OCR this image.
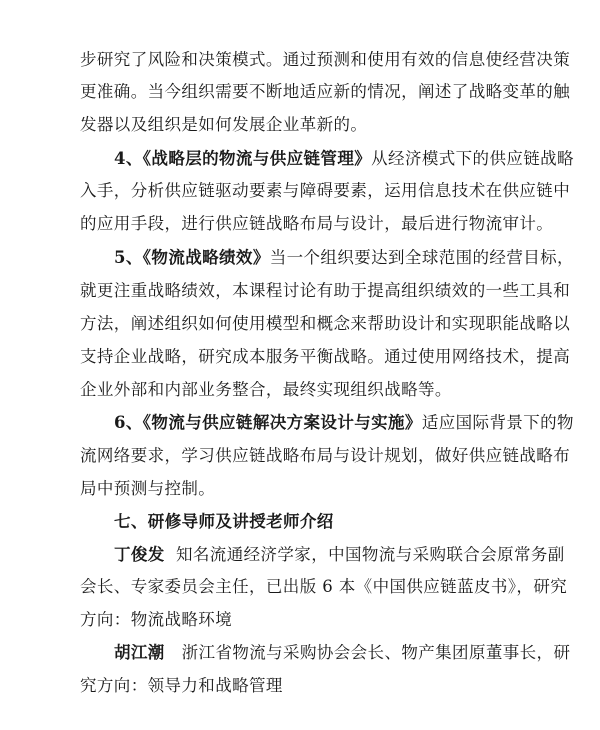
步研究了风险和决策模式。通过预测和使用有效的信息使经营决策
更准确。当今组织需要不断地适应新的情况，阐述了战略变革的触
发器以及组织是如何发展企业革新的。
4、《战略层的物流与供应链管理》从经济模式下的供应链战略
入手，分析供应链驱动要素与障碍要素，运用信息技术在供应链中
的应用手段，进行供应链战略布局与设计，最后进行物流审计。
5、《物流战略绩效》当一个组织要达到全球范围的经营目标，
就更注重战略绩效，本课程讨论有助于提高组织绩效的一些工具和
方法，阐述组织如何使用模型和概念来帮助设计和实现职能战略以
支持企业战略，研究成本服务平衡战略。通过使用网络技术，提高
企业外部和内部业务整合，最终实现组织战略等。
6、《物流与供应链解决方案设计与实施》适应国际背景下的物
流网络要求，学习供应链战略布局与设计规划，做好供应链战略布
局中预测与控制。
七、研修导师及讲授老师介绍
丁俊发 知名流通经济学家，中国物流与采购联合会原常务副
会长、专家委员会主任，已出版 6 本《中国供应链蓝皮书》，研究
方向：物流战略环境
胡江潮 浙江省物流与采购协会会长、物产集团原董事长，研
究方向：领导力和战略管理
